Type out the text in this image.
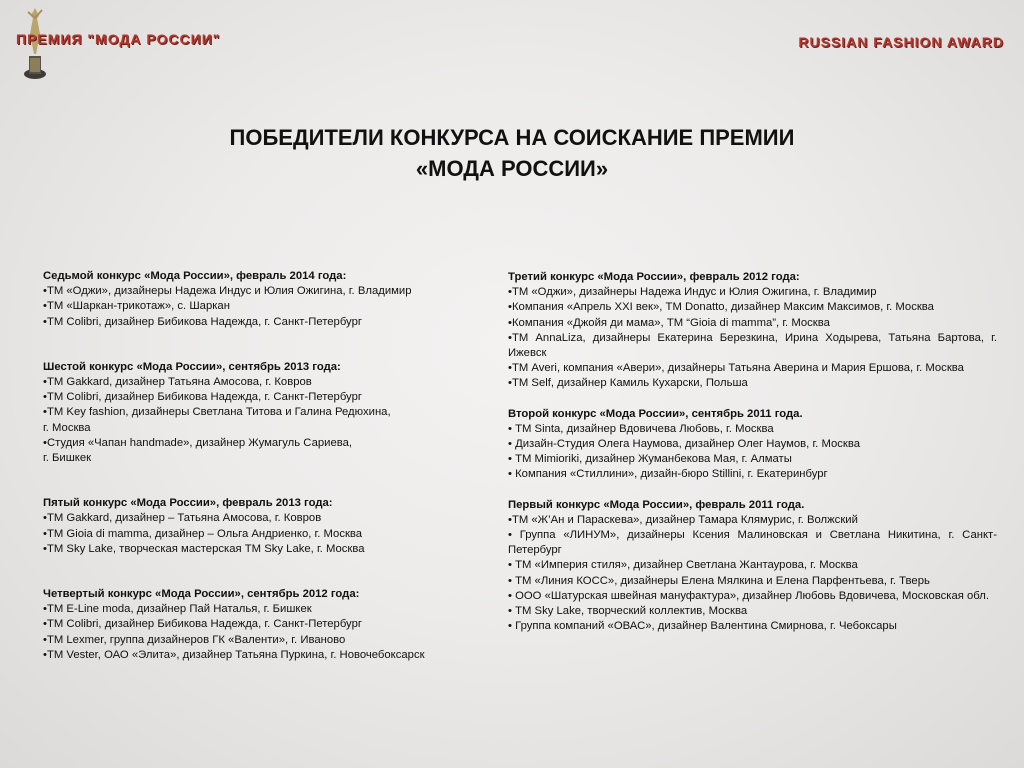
ПРЕМИЯ "МОДА РОССИИ"	RUSSIAN FASHION AWARD
ПОБЕДИТЕЛИ КОНКУРСА НА СОИСКАНИЕ ПРЕМИИ
«МОДА РОССИИ»
Седьмой конкурс «Мода России», февраль 2014 года:
•ТМ «Оджи», дизайнеры Надежа Индус и Юлия Ожигина, г. Владимир
•ТМ «Шаркан-трикотаж», с. Шаркан
•ТМ Colibri, дизайнер Бибикова Надежда, г. Санкт-Петербург
Шестой конкурс «Мода России», сентябрь 2013 года:
•ТМ Gakkard, дизайнер Татьяна Амосова, г. Ковров
•ТМ Colibri, дизайнер Бибикова Надежда, г. Санкт-Петербург
•ТМ Key fashion, дизайнеры Светлана Титова и Галина Редюхина,
г. Москва
•Студия «Чапан handmade», дизайнер Жумагуль Сариева,
г. Бишкек
Пятый конкурс «Мода России», февраль 2013 года:
•ТМ Gakkard, дизайнер – Татьяна Амосова, г. Ковров
•ТМ Gioia di mamma, дизайнер – Ольга Андриенко, г. Москва
•ТМ Sky Lake, творческая мастерская ТМ Sky Lake, г. Москва
Четвертый конкурс «Мода России», сентябрь 2012 года:
•ТМ E-Line moda, дизайнер Пай Наталья, г. Бишкек
•ТМ Colibri, дизайнер Бибикова Надежда, г. Санкт-Петербург
•ТМ Lexmer, группа дизайнеров ГК «Валенти», г. Иваново
•ТМ Vester, ОАО «Элита», дизайнер Татьяна Пуркина, г. Новочебоксарск
Третий конкурс «Мода России», февраль 2012 года:
•ТМ «Оджи», дизайнеры Надежа Индус и Юлия Ожигина, г. Владимир
•Компания «Апрель XXI век», ТМ Donatto, дизайнер Максим Максимов, г. Москва
•Компания «Джойя ди мама», ТМ “Gioia di mamma”, г. Москва
•ТМ AnnaLiza, дизайнеры Екатерина Березкина, Ирина Ходырева, Татьяна Бартова, г. Ижевск
•ТМ Averi, компания «Авери», дизайнеры Татьяна Аверина и Мария Ершова, г. Москва
•ТМ Self, дизайнер Камиль Кухарски, Польша
Второй конкурс «Мода России», сентябрь 2011 года.
• ТМ Sinta, дизайнер Вдовичева Любовь, г. Москва
• Дизайн-Студия Олега Наумова, дизайнер Олег Наумов, г. Москва
• ТМ Mimioriki, дизайнер Жуманбекова Мая, г. Алматы
• Компания «Стиллини», дизайн-бюро Stillini, г. Екатеринбург
Первый конкурс «Мода России», февраль 2011 года.
•ТМ «Ж’Ан и Параскева», дизайнер Тамара Клямурис, г. Волжский
• Группа «ЛИНУМ», дизайнеры Ксения Малиновская и Светлана Никитина, г. Санкт-Петербург
• ТМ «Империя стиля», дизайнер Светлана Жантаурова, г. Москва
• ТМ «Линия КОСС», дизайнеры Елена Мялкина и Елена Парфентьева, г. Тверь
• ООО «Шатурская швейная мануфактура», дизайнер Любовь Вдовичева, Московская обл.
• ТМ Sky Lake, творческий коллектив, Москва
• Группа компаний «ОВАС», дизайнер Валентина Смирнова, г. Чебоксары
